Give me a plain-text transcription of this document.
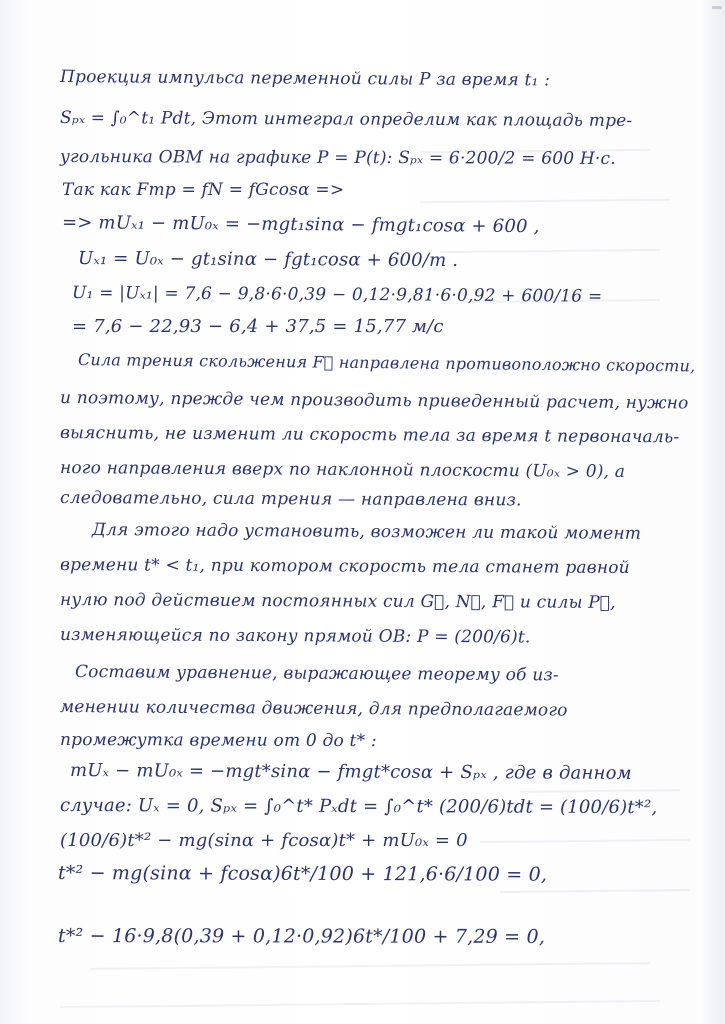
Проекция импульса переменной силы P за время t₁ :
Sₚₓ = ∫₀^t₁ Pdt, Этот интеграл определим как площадь тре-
угольника OBM на графике P = P(t): Sₚₓ = 6·200/2 = 600 H·c.
Так как Fтр = fN = fGcosα =>
=> mUₓ₁ − mU₀ₓ = −mgt₁sinα − fmgt₁cosα + 600 ,
Uₓ₁ = U₀ₓ − gt₁sinα − fgt₁cosα + 600/m .
U₁ = |Uₓ₁| = 7,6 − 9,8·6·0,39 − 0,12·9,81·6·0,92 + 600/16 =
= 7,6 − 22,93 − 6,4 + 37,5 = 15,77 м/c
Сила трения скольжения F⃗ направлена противоположно скорости,
и поэтому, прежде чем производить приведенный расчет, нужно
выяснить, не изменит ли скорость тела за время t первоначаль-
ного направления вверх по наклонной плоскости (U₀ₓ > 0), а
следовательно, сила трения — направлена вниз.
Для этого надо установить, возможен ли такой момент
времени t* < t₁, при котором скорость тела станет равной
нулю под действием постоянных сил G⃗, N⃗, F⃗ и силы P⃗,
изменяющейся по закону прямой OB: P = (200/6)t.
Составим уравнение, выражающее теорему об из-
менении количества движения, для предполагаемого
промежутка времени от 0 до t* :
mUₓ − mU₀ₓ = −mgt*sinα − fmgt*cosα + Sₚₓ , где в данном
случае: Uₓ = 0, Sₚₓ = ∫₀^t* Pₓdt = ∫₀^t* (200/6)tdt = (100/6)t*²,
(100/6)t*² − mg(sinα + fcosα)t* + mU₀ₓ = 0
t*² − mg(sinα + fcosα)6t*/100 + 121,6·6/100 = 0,
t*² − 16·9,8(0,39 + 0,12·0,92)6t*/100 + 7,29 = 0,
